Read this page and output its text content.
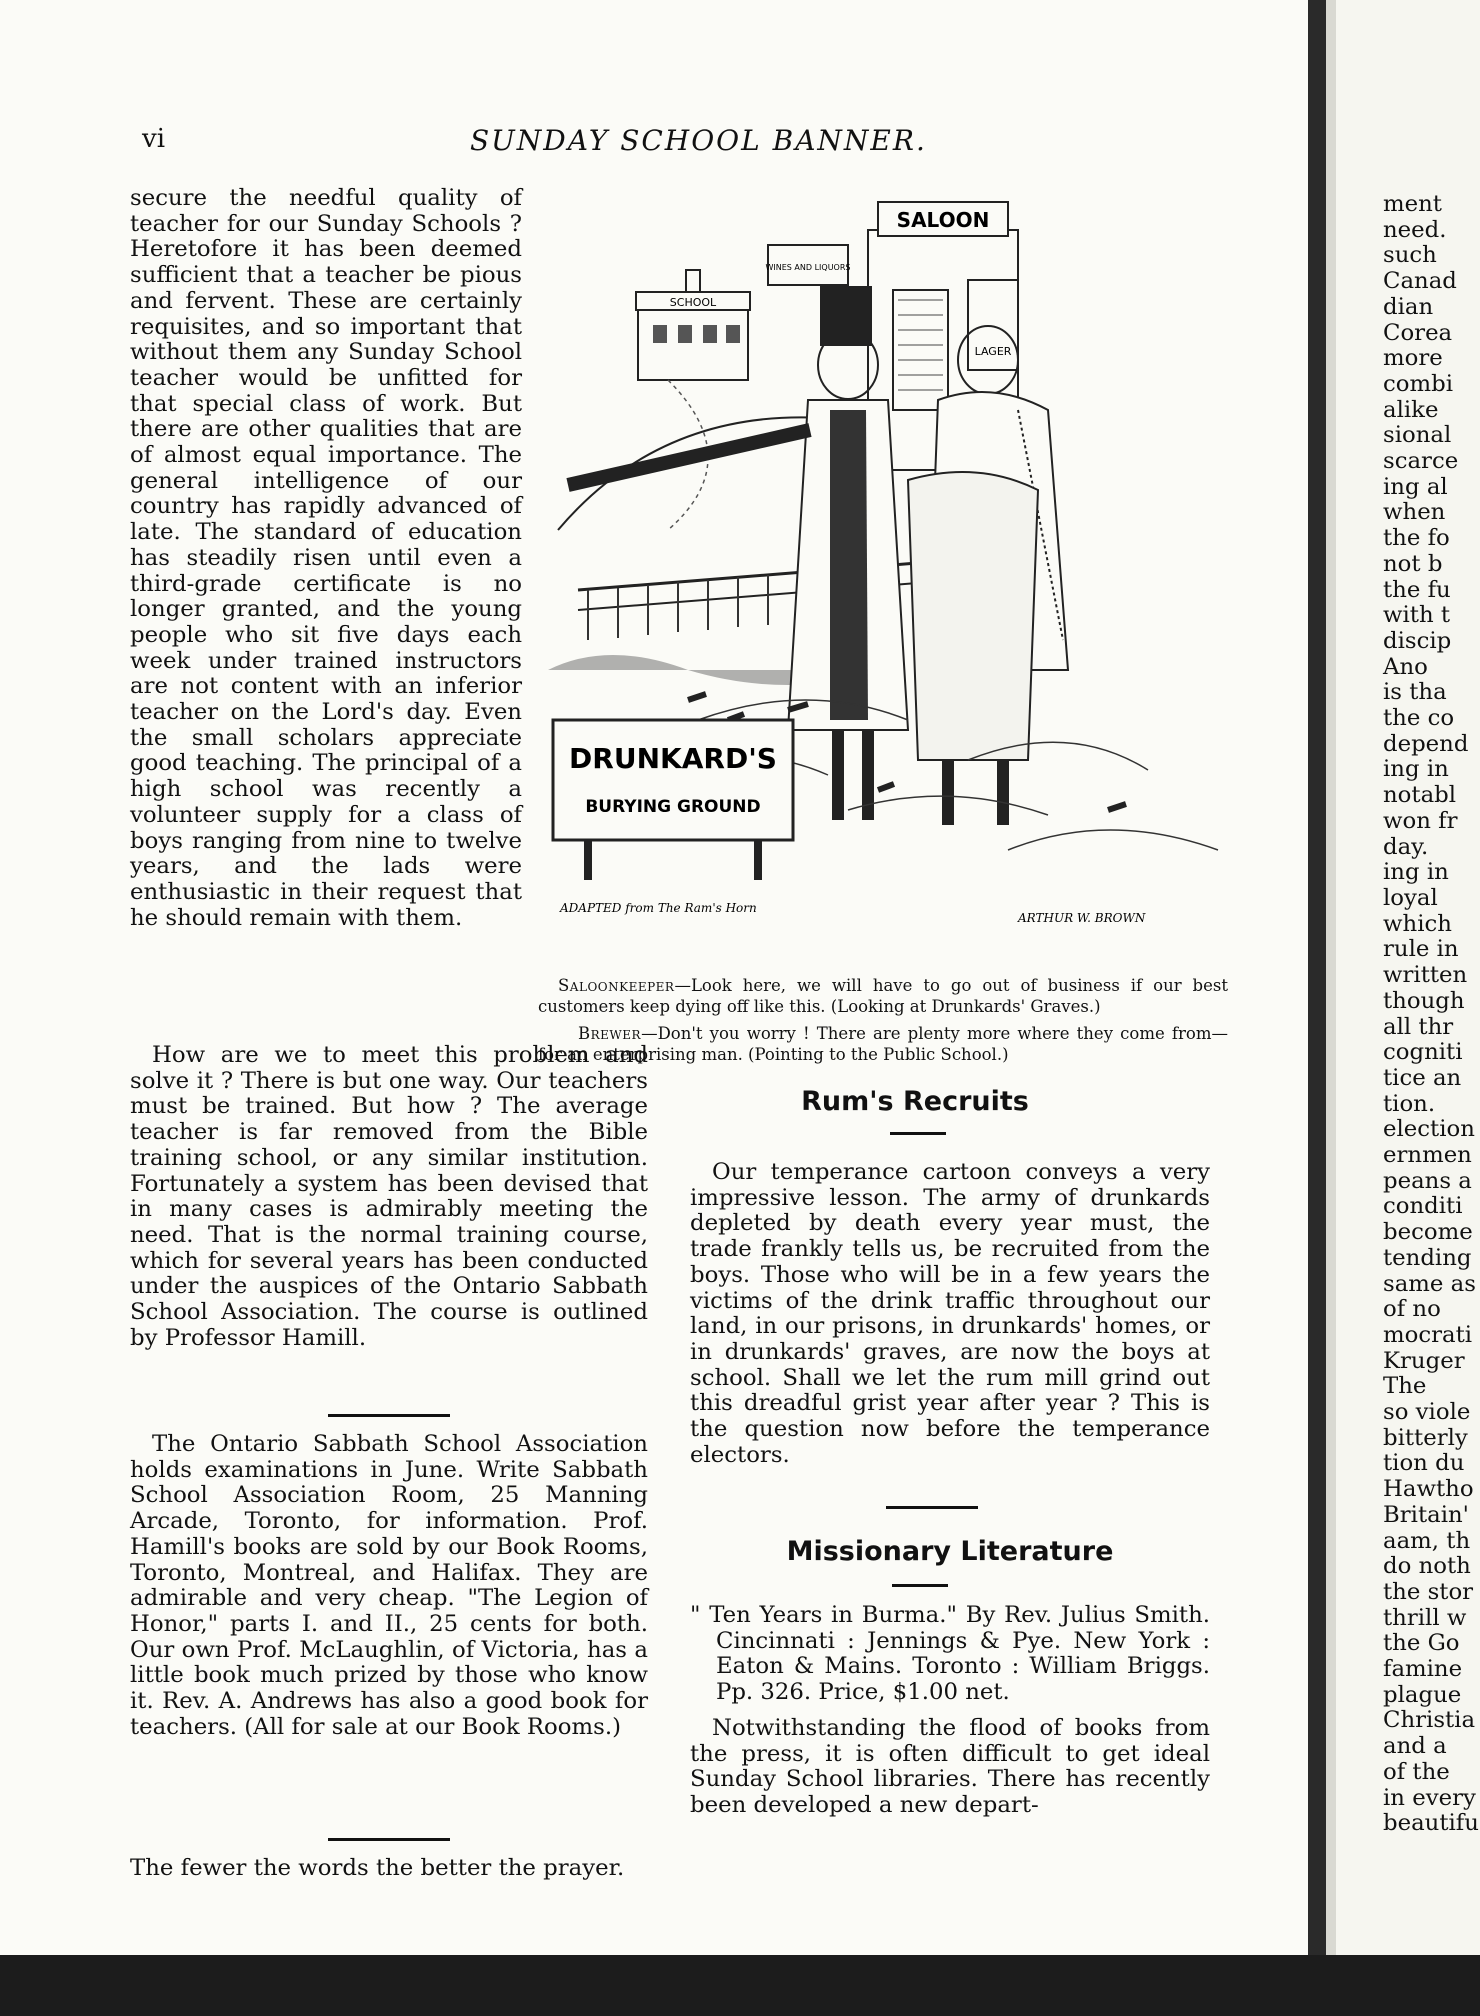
vi	SUNDAY SCHOOL BANNER.

secure the needful quality of teacher for our Sunday Schools ? Heretofore it has been deemed sufficient that a teacher be pious and fervent. These are certainly requisites, and so important that without them any Sunday School teacher would be unfitted for that special class of work. But there are other qualities that are of almost equal importance. The general intelligence of our country has rapidly advanced of late. The standard of education has steadily risen until even a third-grade certificate is no longer granted, and the young people who sit five days each week under trained instructors are not content with an inferior teacher on the Lord's day. Even the small scholars appreciate good teaching. The principal of a high school was recently a volunteer supply for a class of boys ranging from nine to twelve years, and the lads were enthusiastic in their request that he should remain with them.

How are we to meet this problem and solve it ? There is but one way. Our teachers must be trained. But how ? The average teacher is far removed from the Bible training school, or any similar institution. Fortunately a system has been devised that in many cases is admirably meeting the need. That is the normal training course, which for several years has been conducted under the auspices of the Ontario Sabbath School Association. The course is outlined by Professor Hamill.

The Ontario Sabbath School Association holds examinations in June. Write Sabbath School Association Room, 25 Manning Arcade, Toronto, for information. Prof. Hamill's books are sold by our Book Rooms, Toronto, Montreal, and Halifax. They are admirable and very cheap. "The Legion of Honor," parts I. and II., 25 cents for both. Our own Prof. McLaughlin, of Victoria, has a little book much prized by those who know it. Rev. A. Andrews has also a good book for teachers. (All for sale at our Book Rooms.)

The fewer the words the better the prayer.

SCHOOL
SALOON
WINES AND LIQUORS
LAGER
DRUNKARD'S
BURYING GROUND
ADAPTED from The Ram's Horn
ARTHUR W. BROWN
Saloonkeeper—Look here, we will have to go out of business if our best customers keep dying off like this. (Looking at Drunkards' Graves.)
Brewer—Don't you worry ! There are plenty more where they come from—for an enterprising man. (Pointing to the Public School.)
Rum's Recruits

Our temperance cartoon conveys a very impressive lesson. The army of drunkards depleted by death every year must, the trade frankly tells us, be recruited from the boys. Those who will be in a few years the victims of the drink traffic throughout our land, in our prisons, in drunkards' homes, or in drunkards' graves, are now the boys at school. Shall we let the rum mill grind out this dreadful grist year after year ? This is the question now before the temperance electors.

Missionary Literature

" Ten Years in Burma." By Rev. Julius Smith. Cincinnati : Jennings & Pye. New York : Eaton & Mains. Toronto : William Briggs. Pp. 326. Price, $1.00 net.

Notwithstanding the flood of books from the press, it is often difficult to get ideal Sunday School libraries. There has recently been developed a new depart-

ment
need.
such
Canad
dian
Corea
more
combi
alike
sional
scarce
ing al
when
the fo
not b
the fu
with t
discip
Ano
is tha
the co
depend
ing in
notabl
won fr
day.
ing in
loyal
which
rule in
written
though
all thr
cogniti
tice an
tion.
election
ernmen
peans a
conditi
become
tending
same as
of no
mocrati
Kruger
The
so viole
bitterly
tion du
Hawtho
Britain'
aam, th
do noth
the stor
thrill w
the Go
famine
plague
Christia
and a
of the
in every
beautifu
